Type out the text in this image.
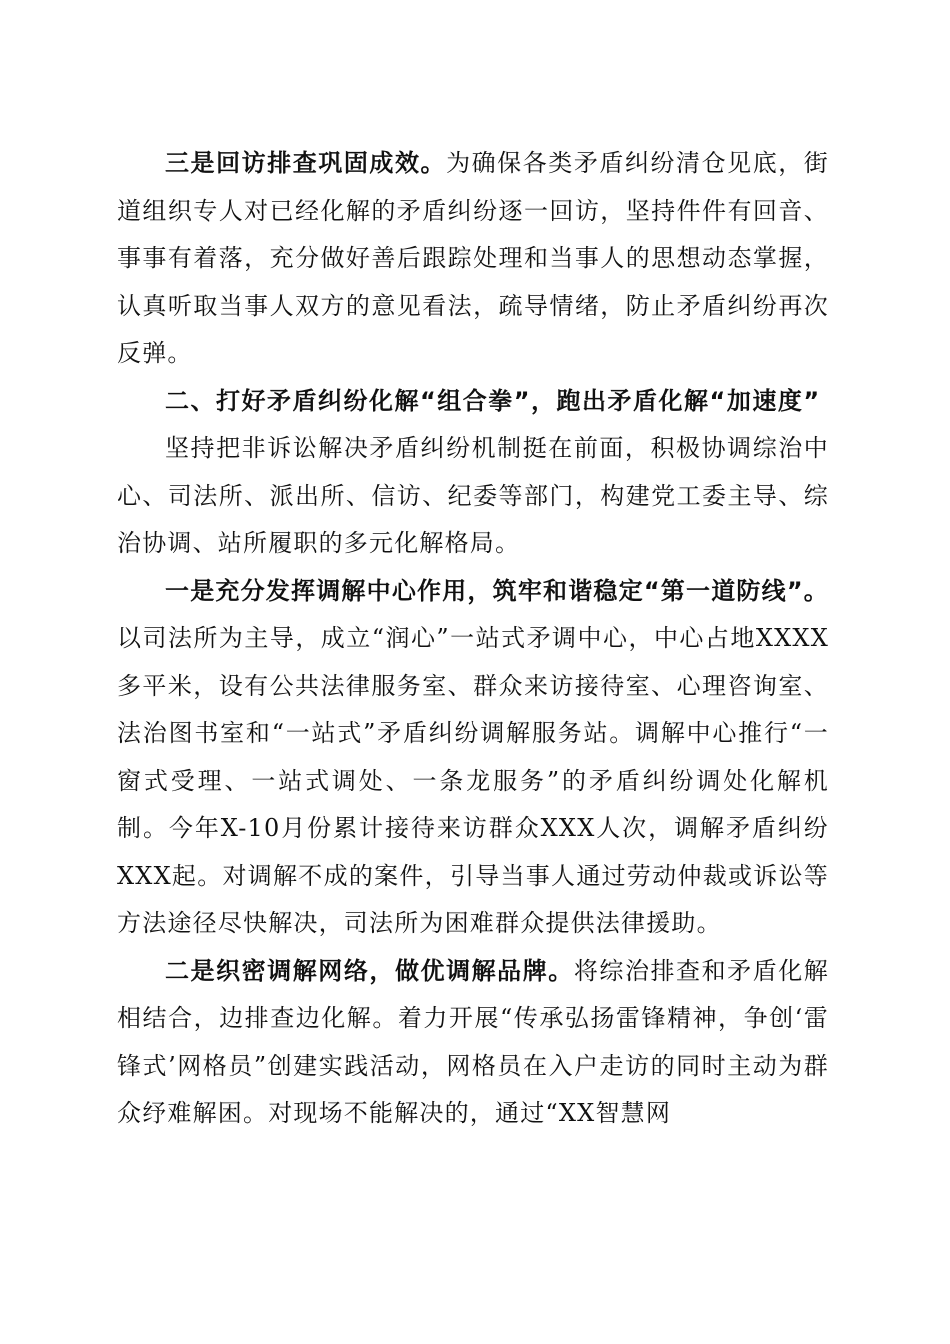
三是回访排查巩固成效。为确保各类矛盾纠纷清仓见底，街道组织专人对已经化解的矛盾纠纷逐一回访，坚持件件有回音、事事有着落，充分做好善后跟踪处理和当事人的思想动态掌握，认真听取当事人双方的意见看法，疏导情绪，防止矛盾纠纷再次反弹。

二、打好矛盾纠纷化解“组合拳”，跑出矛盾化解“加速度”

坚持把非诉讼解决矛盾纠纷机制挺在前面，积极协调综治中心、司法所、派出所、信访、纪委等部门，构建党工委主导、综治协调、站所履职的多元化解格局。

一是充分发挥调解中心作用，筑牢和谐稳定“第一道防线”。以司法所为主导，成立“润心”一站式矛调中心，中心占地XXXX多平米，设有公共法律服务室、群众来访接待室、心理咨询室、法治图书室和“一站式”矛盾纠纷调解服务站。调解中心推行“一窗式受理、一站式调处、一条龙服务”的矛盾纠纷调处化解机制。今年X-10月份累计接待来访群众XXX人次，调解矛盾纠纷XXX起。对调解不成的案件，引导当事人通过劳动仲裁或诉讼等方法途径尽快解决，司法所为困难群众提供法律援助。

二是织密调解网络，做优调解品牌。将综治排查和矛盾化解相结合，边排查边化解。着力开展“传承弘扬雷锋精神，争创‘雷锋式’网格员”创建实践活动，网格员在入户走访的同时主动为群众纾难解困。对现场不能解决的，通过“XX智慧网
